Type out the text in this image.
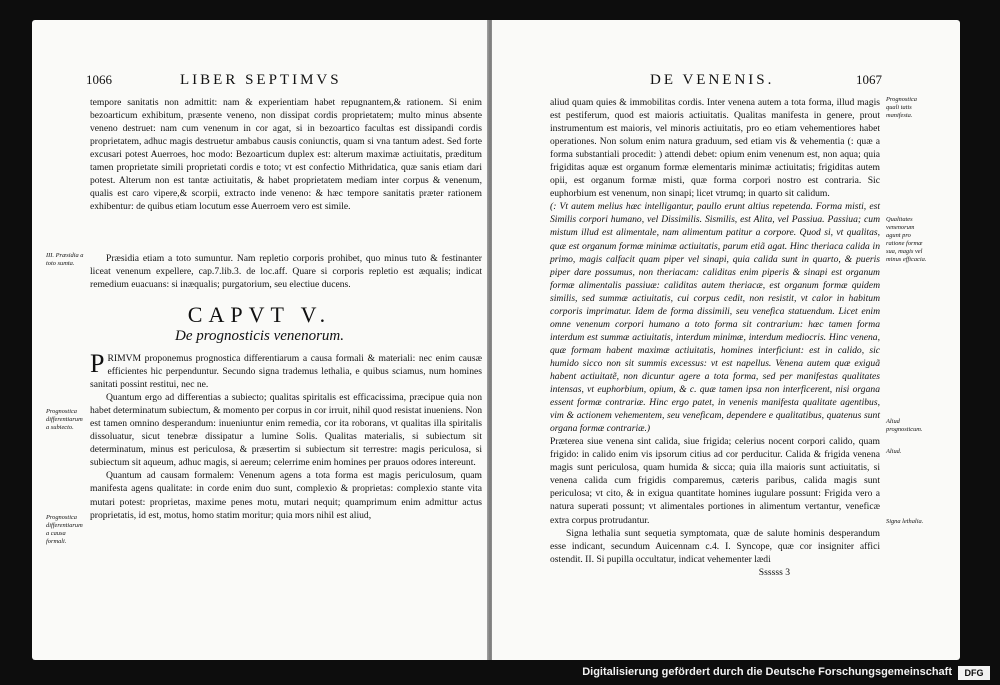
1066	LIBER SEPTIMVS

tempore sanitatis non admittit: nam & experientiam habet repugnantem,& rationem. Si enim bezoarticum exhibitum, præsente veneno, non dissipat cordis proprietatem; multo minus absente veneno destruet: nam cum venenum in cor agat, si in bezoartico facultas est dissipandi cordis proprietatem, adhuc magis destruetur ambabus causis coniunctis, quam si vna tantum adest. Sed forte excusari potest Auerroes, hoc modo: Bezoarticum duplex est: alterum maximæ actiuitatis, præditum tamen proprietate simili proprietati cordis e toto; vt est confectio Mithridatica, quæ sanis etiam dari potest. Alterum non est tantæ actiuitatis, & habet proprietatem mediam inter corpus & venenum, qualis est caro vipere,& scorpii, extracto inde veneno: & hæc tempore sanitatis præter rationem exhibentur: de quibus etiam locutum esse Auerroem vero est simile.

III. Præsidia a toto sumta.	Præsidia etiam a toto sumuntur. Nam repletio corporis prohibet, quo minus tuto & festinanter liceat venenum expellere, cap.7.lib.3. de loc.aff. Quare si corporis repletio est æqualis; indicat remedium euacuans: si inæqualis; purgatorium, seu electiue ducens.

CAPVT V.
De prognosticis venenorum.

PRIMVM proponemus prognostica differentiarum a causa formali & materiali: nec enim causæ efficientes hic perpenduntur. Secundo signa trademus lethalia, e quibus sciamus, num homines sanitati possint restitui, nec ne.

Quantum ergo ad differentias a subiecto; qualitas spiritalis est efficacissima, præcipue quia non habet determinatum subiectum, & momento per corpus in cor irruit, nihil quod resistat inueniens. Non est tamen omnino desperandum: inueniuntur enim remedia, cor ita roborans, vt qualitas illa spiritalis dissoluatur, sicut tenebræ dissipatur a lumine Solis. Qualitas materialis, si subiectum sit determinatum, minus est periculosa, & præsertim si subiectum sit terrestre: magis periculosa, si subiectum sit aqueum, adhuc magis, si aereum; celerrime enim homines per prauos odores intereunt.

Quantum ad causam formalem: Venenum agens a tota forma est magis periculosum, quam manifesta agens qualitate: in corde enim duo sunt, complexio & proprietas: complexio stante vita mutari potest: proprietas, maxime penes motu, mutari nequit; quamprimum enim admittur actus proprietatis, id est, motus, homo statim moritur; quia mors nihil est aliud,

Prognostica differentiarum a subiecto.
Prognostica differentiarum a causa formali.
DE VENENIS.	1067

aliud quam quies & immobilitas cordis. Inter venena autem a tota forma, illud magis est pestiferum, quod est maioris actiuitatis. Qualitas manifesta in genere, prout instrumentum est maioris, vel minoris actiuitatis, pro eo etiam vehementiores habet operationes. Non solum enim natura graduum, sed etiam vis & vehementia (: quæ a forma substantiali procedit: ) attendi debet: opium enim venenum est, non aqua; quia frigiditas aquæ est organum formæ elementaris minimæ actiuitatis; frigiditas autem opii, est organum formæ misti, quæ forma corpori nostro est contraria. Sic euphorbium est venenum, non sinapi; licet vtrumq; in quarto sit calidum.

(: Vt autem melius hæc intelligantur, paullo erunt altius repetenda. Forma misti, est Similis corpori humano, vel Dissimilis. Sismilis, est Alita, vel Passiua. Passiua; cum mistum illud est alimentale, nam alimentum patitur a corpore. Quod si, vt qualitas, quæ est organum formæ minimæ actiuitatis, parum etiã agat. Hinc theriaca calida in primo, magis calfacit quam piper vel sinapi, quia calida sunt in quarto, & pueris piper dare possumus, non theriacam: caliditas enim piperis & sinapi est organum formæ alimentalis passiuæ: caliditas autem theriacæ, est organum formæ quidem similis, sed summæ actiuitatis, cui corpus cedit, non resistit, vt calor in habitum corporis imprimatur. Idem de forma dissimili, seu venefica statuendum. Licet enim omne venenum corpori humano a toto forma sit contrarium: hæc tamen forma interdum est summæ actiuitatis, interdum minimæ, interdum mediocris. Hinc venena, quæ formam habent maximæ actiuitatis, homines interficiunt: est in calido, sic humido sicco non sit summis excessus: vt est napellus. Venena autem quæ exiguã habent actiuitatẽ, non dicuntur agere a tota forma, sed per manifestas qualitates intensas, vt euphorbium, opium, & c. quæ tamen ipsa non interficerent, nisi organa essent formæ contrariæ. Hinc ergo patet, in venenis manifesta qualitate agentibus, vim & actionem vehementem, seu veneficam, dependere e qualitatibus, quatenus sunt organa formæ contrariæ.)

Præterea siue venena sint calida, siue frigida; celerius nocent corpori calido, quam frigido: in calido enim vis ipsorum citius ad cor perducitur. Calida & frigida venena magis sunt periculosa, quam humida & sicca; quia illa maioris sunt actiuitatis, si venena calida cum frigidis comparemus, cæteris paribus, calida magis sunt periculosa; vt cito, & in exigua quantitate homines iugulare possunt: Frigida vero a natura superati possunt; vt alimentales portiones in alimentum vertantur, veneficæ extra corpus protrudantur.

Signa lethalia sunt sequetia symptomata, quæ de salute hominis desperandum esse indicant, secundum Auicennam c.4. I. Syncope, quæ cor insigniter affici ostendit. II. Si pupilla occultatur, indicat vehementer lædi

Ssssss 3

Prognostica quali tatis manifesta.
Qualitates venenorum agunt pro ratione formæ sua, magis vel minus efficacia.
Aliud prognosticum.
Aliud.
Signa lethalia.
Digitalisierung gefördert durch die Deutsche Forschungsgemeinschaft	DFG
